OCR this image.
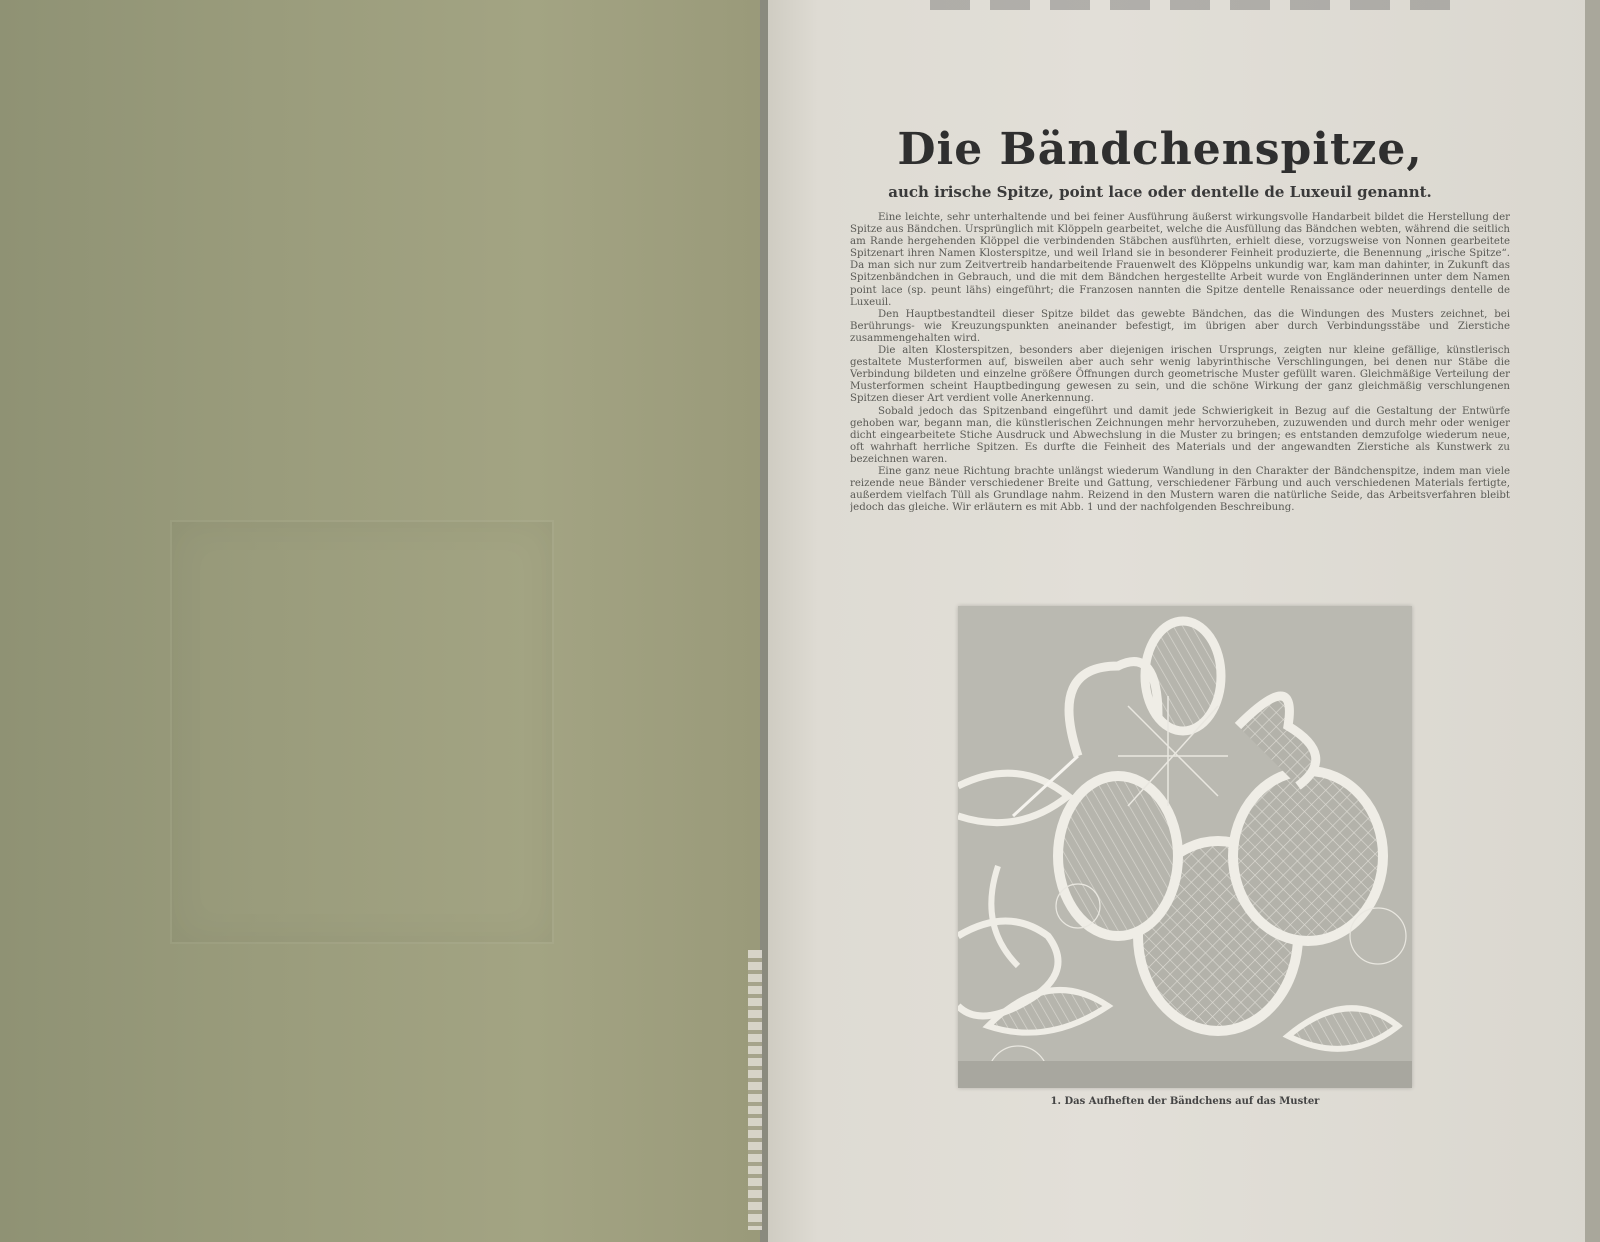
Die Bändchenspitze,
auch irische Spitze, point lace oder dentelle de Luxeuil genannt.

Eine leichte, sehr unterhaltende und bei feiner Ausführung äußerst wirkungsvolle Handarbeit bildet die Herstellung der Spitze aus Bändchen. Ursprünglich mit Klöppeln gearbeitet, welche die Ausfüllung das Bändchen webten, während die seitlich am Rande hergehenden Klöppel die verbindenden Stäbchen ausführten, erhielt diese, vorzugsweise von Nonnen gearbeitete Spitzenart ihren Namen Klosterspitze, und weil Irland sie in besonderer Feinheit produzierte, die Benennung „irische Spitze“. Da man sich nur zum Zeitvertreib handarbeitende Frauenwelt des Klöppelns unkundig war, kam man dahinter, in Zukunft das Spitzenbändchen in Gebrauch, und die mit dem Bändchen hergestellte Arbeit wurde von Engländerinnen unter dem Namen point lace (sp. peunt lähs) eingeführt; die Franzosen nannten die Spitze dentelle Renaissance oder neuerdings dentelle de Luxeuil.

Den Hauptbestandteil dieser Spitze bildet das gewebte Bändchen, das die Windungen des Musters zeichnet, bei Berührungs- wie Kreuzungspunkten aneinander befestigt, im übrigen aber durch Verbindungsstäbe und Zierstiche zusammengehalten wird.

Die alten Klosterspitzen, besonders aber diejenigen irischen Ursprungs, zeigten nur kleine gefällige, künstlerisch gestaltete Musterformen auf, bisweilen aber auch sehr wenig labyrinthische Verschlingungen, bei denen nur Stäbe die Verbindung bildeten und einzelne größere Öffnungen durch geometrische Muster gefüllt waren. Gleichmäßige Verteilung der Musterformen scheint Hauptbedingung gewesen zu sein, und die schöne Wirkung der ganz gleichmäßig verschlungenen Spitzen dieser Art verdient volle Anerkennung.

Sobald jedoch das Spitzenband eingeführt und damit jede Schwierigkeit in Bezug auf die Gestaltung der Entwürfe gehoben war, begann man, die künstlerischen Zeichnungen mehr hervorzuheben, zuzuwenden und durch mehr oder weniger dicht eingearbeitete Stiche Ausdruck und Abwechslung in die Muster zu bringen; es entstanden demzufolge wiederum neue, oft wahrhaft herrliche Spitzen. Es durfte die Feinheit des Materials und der angewandten Zierstiche als Kunstwerk zu bezeichnen waren.

Eine ganz neue Richtung brachte unlängst wiederum Wandlung in den Charakter der Bändchenspitze, indem man viele reizende neue Bänder verschiedener Breite und Gattung, verschiedener Färbung und auch verschiedenen Materials fertigte, außerdem vielfach Tüll als Grundlage nahm. Reizend in den Mustern waren die natürliche Seide, das Arbeitsverfahren bleibt jedoch das gleiche. Wir erläutern es mit Abb. 1 und der nachfolgenden Beschreibung.

1. Das Aufheften der Bändchens auf das Muster
